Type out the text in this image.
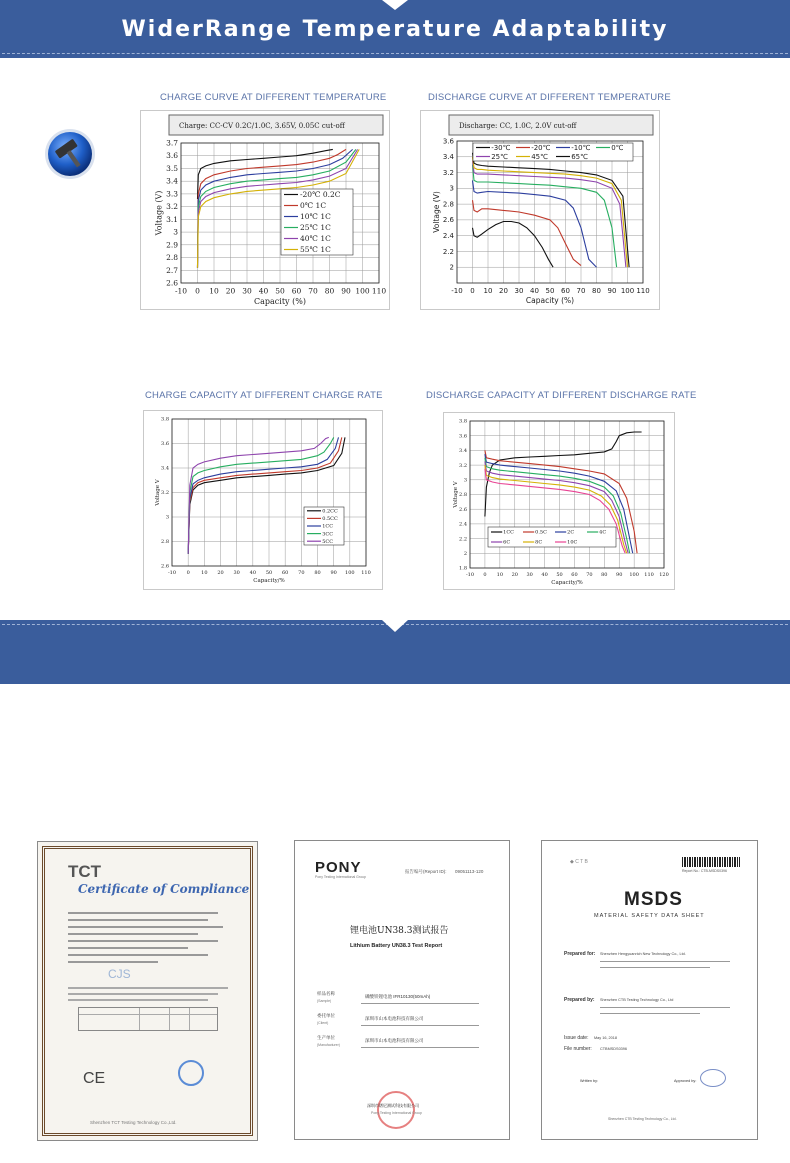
WiderRange Temperature Adaptability
CHARGE CURVE AT DIFFERENT TEMPERATURE	DISCHARGE CURVE AT DIFFERENT TEMPERATURE
CHARGE CAPACITY AT DIFFERENT CHARGE RATE	DISCHARGE CAPACITY AT DIFFERENT DISCHARGE RATE
Charge: CC-CV 0.2C/1.0C, 3.65V, 0.05C cut-off
-10 0 10 20 30 40 50 60 70 80 90 100 110
2.6
2.7
2.8
2.9
3
3.1
3.2
3.3
3.4
3.5
3.6
3.7
Capacity (%)
Voltage (V)	-20℃ 0.2C
0℃ 1C
10℃ 1C
25℃ 1C
40℃ 1C
55℃ 1C
Discharge: CC, 1.0C, 2.0V cut-off
-10 0 10 20 30 40 50 60 70 80 90 100 110
2
2.2
2.4
2.6
2.8
3
3.2
3.4
3.6
Capacity (%)
Voltage (V)
-30℃	-20℃	-10℃	0℃
25℃	45℃	65℃
-10 0 10 20 30 40 50 60 70 80 90 100 110
2.6
2.8
3
3.2
3.4
3.6
3.8
Capacity/%
Voltage V
0.2CC
0.5CC
1CC
3CC
5CC
-10 0 10 20 30 40 50 60 70 80 90 100 110 120
1.8
2
2.2
2.4
2.6
2.8
3
3.2
3.4
3.6
3.8
Capacity/%
Voltage V
1CC	0.5C	2C	4C
6C	8C	10C
TCT
Certificate of Compliance
CJS
CE
Shenzhen TCT Testing Technology Co.,Ltd.
PONY
Pony Testing International Group
报告编号(Report ID): 09051113-120
锂电池UN38.3测试报告
Lithium Battery UN38.3 Test Report
样品名称
(Sample)
磷酸铁锂电池 IFR10130(50mAh)
委托单位
(Client)
深圳市山本电池科技有限公司
生产单位
(Manufacturer)
深圳市山本电池科技有限公司
深圳市谱尼测试科技有限公司
Pony Testing International Group
◆ C T B
Report No.: CTB-MSDS0396
MSDS
MATERIAL SAFETY DATA SHEET
Prepared for: Shenzhen Hengyuanrich New Technology Co., Ltd.
Prepared by: Shenzhen CTB Testing Technology Co., Ltd
Issue date: May 16, 2018
File number: CTBMSDS0396
Written by:	Approved by:
Shenzhen CTB Testing Technology Co., Ltd.
